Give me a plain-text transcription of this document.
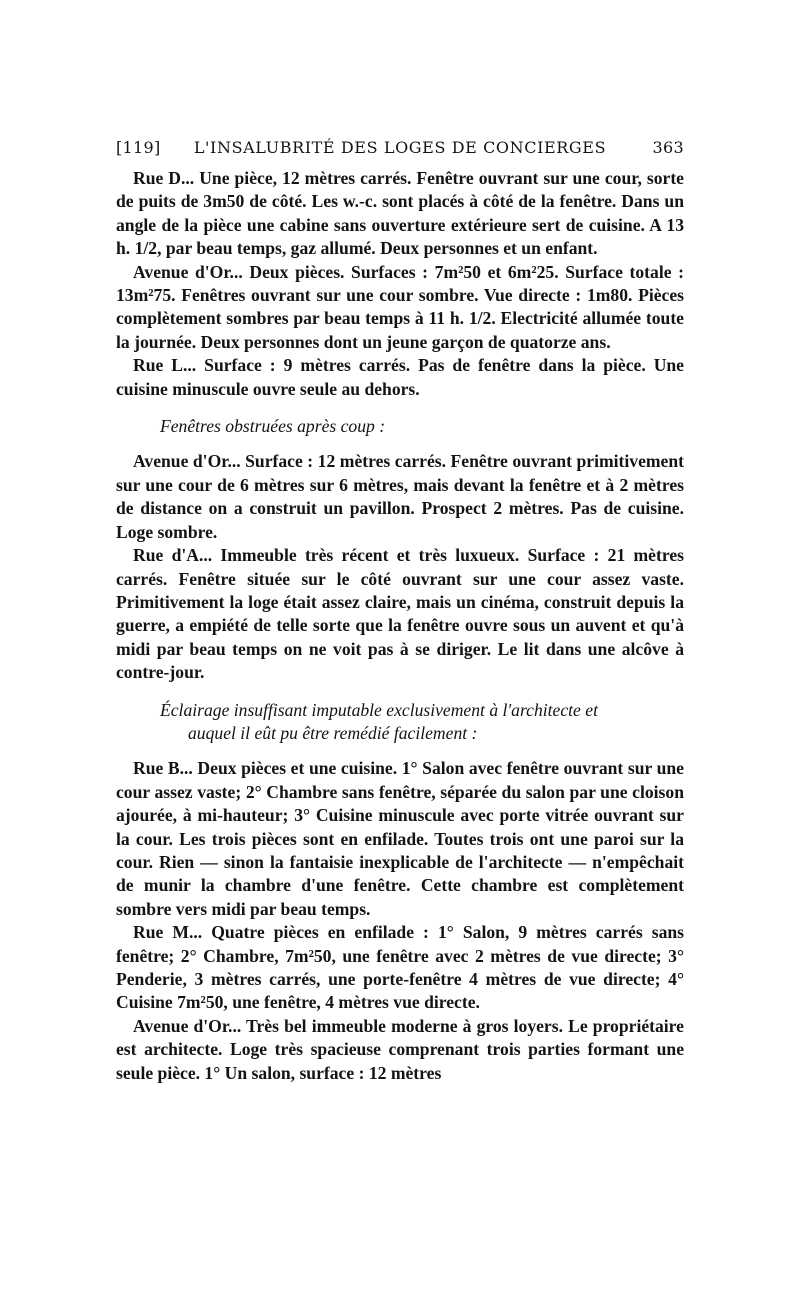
[119]	L'INSALUBRITÉ DES LOGES DE CONCIERGES	363

Rue D... Une pièce, 12 mètres carrés. Fenêtre ouvrant sur une cour, sorte de puits de 3m50 de côté. Les w.-c. sont placés à côté de la fenêtre. Dans un angle de la pièce une cabine sans ouverture extérieure sert de cuisine. A 13 h. 1/2, par beau temps, gaz allumé. Deux personnes et un enfant.

Avenue d'Or... Deux pièces. Surfaces : 7m²50 et 6m²25. Surface totale : 13m²75. Fenêtres ouvrant sur une cour sombre. Vue directe : 1m80. Pièces complètement sombres par beau temps à 11 h. 1/2. Electricité allumée toute la journée. Deux personnes dont un jeune garçon de quatorze ans.

Rue L... Surface : 9 mètres carrés. Pas de fenêtre dans la pièce. Une cuisine minuscule ouvre seule au dehors.

Fenêtres obstruées après coup :

Avenue d'Or... Surface : 12 mètres carrés. Fenêtre ouvrant primitivement sur une cour de 6 mètres sur 6 mètres, mais devant la fenêtre et à 2 mètres de distance on a construit un pavillon. Prospect 2 mètres. Pas de cuisine. Loge sombre.

Rue d'A... Immeuble très récent et très luxueux. Surface : 21 mètres carrés. Fenêtre située sur le côté ouvrant sur une cour assez vaste. Primitivement la loge était assez claire, mais un cinéma, construit depuis la guerre, a empiété de telle sorte que la fenêtre ouvre sous un auvent et qu'à midi par beau temps on ne voit pas à se diriger. Le lit dans une alcôve à contre-jour.

Éclairage insuffisant imputable exclusivement à l'architecte et
auquel il eût pu être remédié facilement :

Rue B... Deux pièces et une cuisine. 1° Salon avec fenêtre ouvrant sur une cour assez vaste; 2° Chambre sans fenêtre, séparée du salon par une cloison ajourée, à mi-hauteur; 3° Cuisine minuscule avec porte vitrée ouvrant sur la cour. Les trois pièces sont en enfilade. Toutes trois ont une paroi sur la cour. Rien — sinon la fantaisie inexplicable de l'architecte — n'empêchait de munir la chambre d'une fenêtre. Cette chambre est complètement sombre vers midi par beau temps.

Rue M... Quatre pièces en enfilade : 1° Salon, 9 mètres carrés sans fenêtre; 2° Chambre, 7m²50, une fenêtre avec 2 mètres de vue directe; 3° Penderie, 3 mètres carrés, une porte-fenêtre 4 mètres de vue directe; 4° Cuisine 7m²50, une fenêtre, 4 mètres vue directe.

Avenue d'Or... Très bel immeuble moderne à gros loyers. Le propriétaire est architecte. Loge très spacieuse comprenant trois parties formant une seule pièce. 1° Un salon, surface : 12 mètres
